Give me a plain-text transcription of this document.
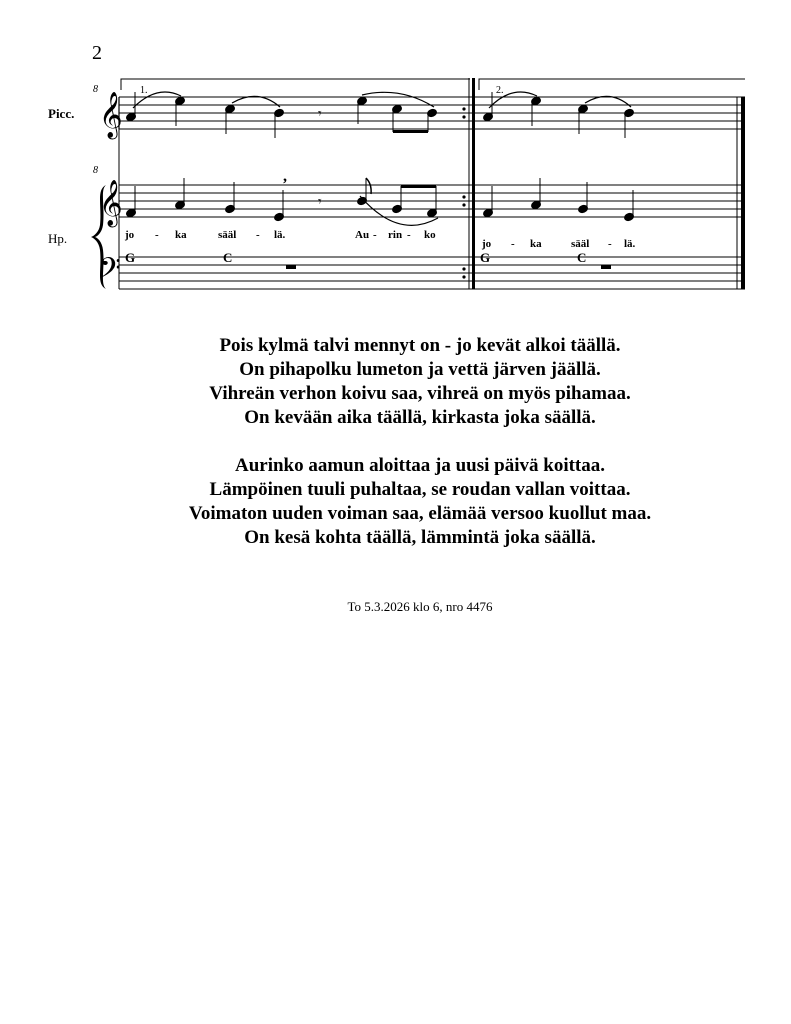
2
1.	2.
8
8
Picc.
Hp.
𝄞
𝄞
𝄢
𝄾
𝄾
,
jo - ka	sääl - lä.	Au - rin - ko
jo - ka	sääl - lä.
G	C	G	C
Pois kylmä talvi mennyt on - jo kevät alkoi täällä.
On pihapolku lumeton ja vettä järven jäällä.
Vihreän verhon koivu saa, vihreä on myös pihamaa.
On kevään aika täällä, kirkasta joka säällä.
Aurinko aamun aloittaa ja uusi päivä koittaa.
Lämpöinen tuuli puhaltaa, se roudan vallan voittaa.
Voimaton uuden voiman saa, elämää versoo kuollut maa.
On kesä kohta täällä, lämmintä joka säällä.
To 5.3.2026 klo 6, nro 4476
